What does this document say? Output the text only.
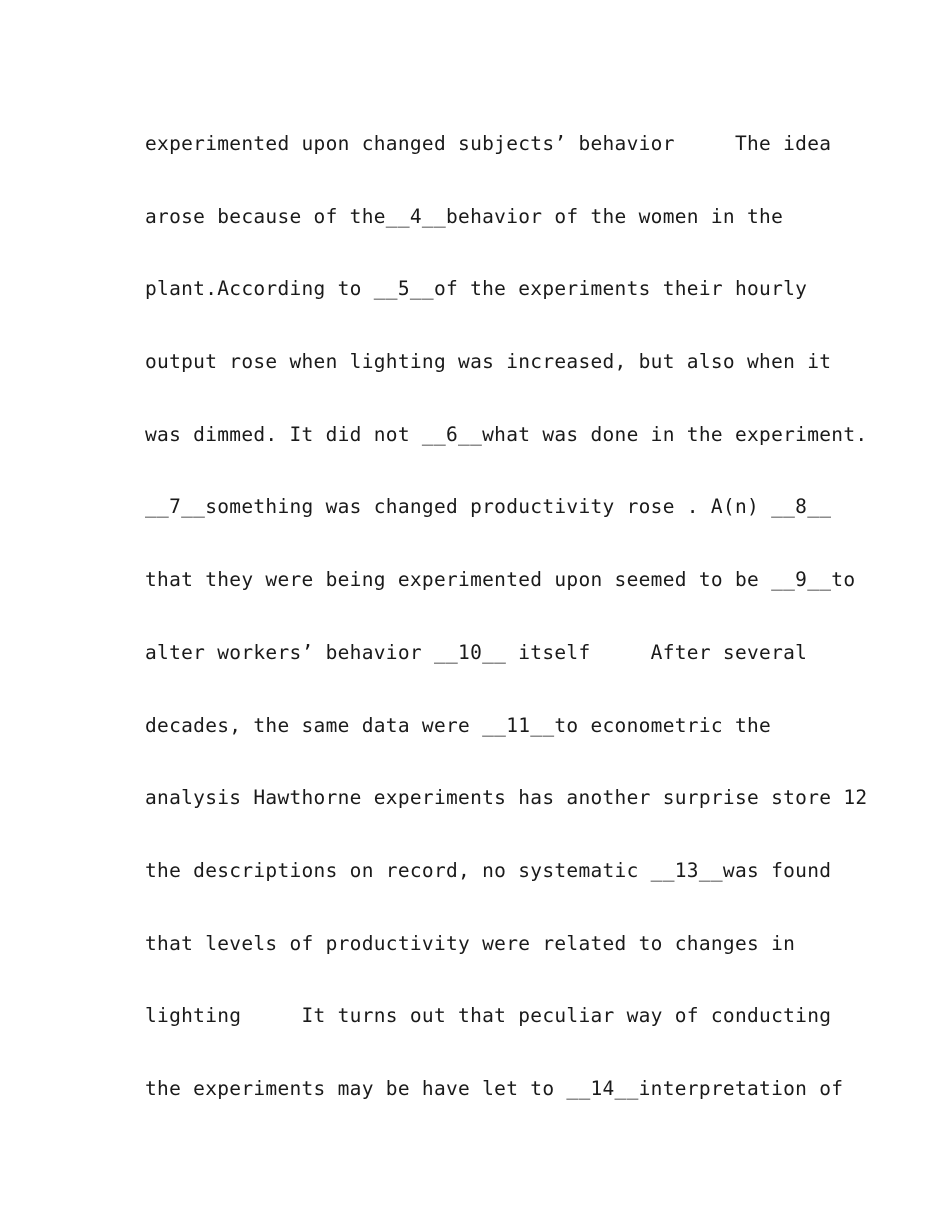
experimented upon changed subjects’ behavior     The idea
arose because of the__4__behavior of the women in the
plant.According to __5__of the experiments their hourly
output rose when lighting was increased, but also when it
was dimmed. It did not __6__what was done in the experiment.
__7__something was changed productivity rose . A(n) __8__
that they were being experimented upon seemed to be __9__to
alter workers’ behavior __10__ itself     After several
decades, the same data were __11__to econometric the
analysis Hawthorne experiments has another surprise store 12
the descriptions on record, no systematic __13__was found
that levels of productivity were related to changes in
lighting     It turns out that peculiar way of conducting
the experiments may be have let to __14__interpretation of
